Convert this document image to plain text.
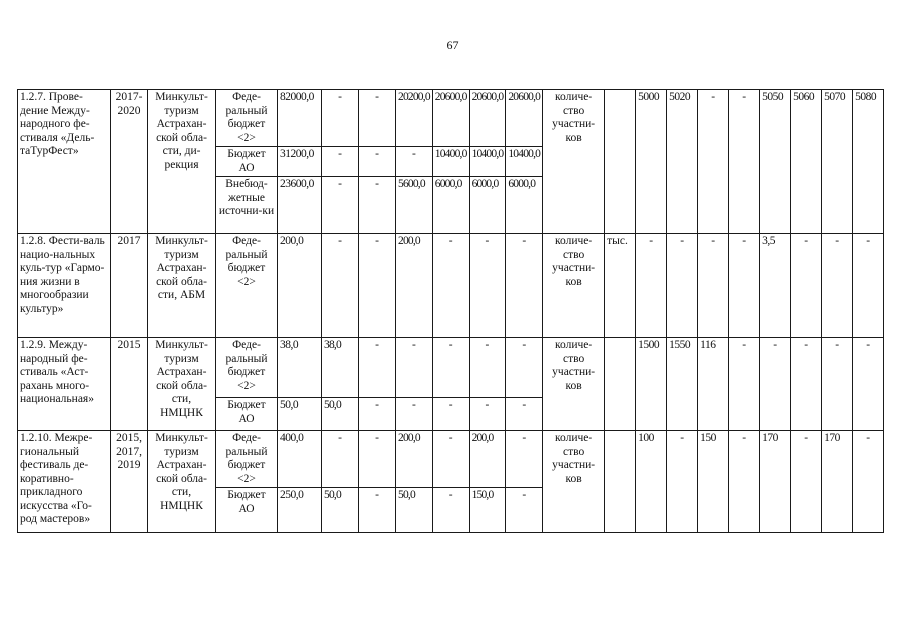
67
1.2.7. Прове-дение Между-народного фе-стиваля «Дель-таТурФест»	2017-2020	Минкульт-туризм Астрахан-ской обла-сти, ди-рекция	Феде-ральный бюджет <2>	82000,0	-	-	20200,0	20600,0	20600,0	20600,0	количе-ство участни-ков		5000	5020	-	-	5050	5060	5070	5080
			Бюджет АО	31200,0	-	-	-	10400,0	10400,0	10400,0										
			Внебюд-жетные источни-ки	23600,0	-	-	5600,0	6000,0	6000,0	6000,0										
1.2.8. Фести-валь нацио-нальных куль-тур «Гармо-ния жизни в многообразии культур»	2017	Минкульт-туризм Астрахан-ской обла-сти, АБМ	Феде-ральный бюджет <2>	200,0	-	-	200,0	-	-	-	количе-ство участни-ков	тыс.	-	-	-	-	3,5	-	-	-
1.2.9. Между-народный фе-стиваль «Аст-рахань много-национальная»	2015	Минкульт-туризм Астрахан-ской обла-сти, НМЦНК	Феде-ральный бюджет <2>	38,0	38,0	-	-	-	-	-	количе-ство участни-ков		1500	1550	116	-	-	-	-	-
			Бюджет АО	50,0	50,0	-	-	-	-	-										
1.2.10. Межре-гиональный фестиваль де-коративно-прикладного искусства «Го-род мастеров»	2015, 2017, 2019	Минкульт-туризм Астрахан-ской обла-сти, НМЦНК	Феде-ральный бюджет <2>	400,0	-	-	200,0	-	200,0	-	количе-ство участни-ков		100	-	150	-	170	-	170	-
			Бюджет АО	250,0	50,0	-	50,0	-	150,0	-										
